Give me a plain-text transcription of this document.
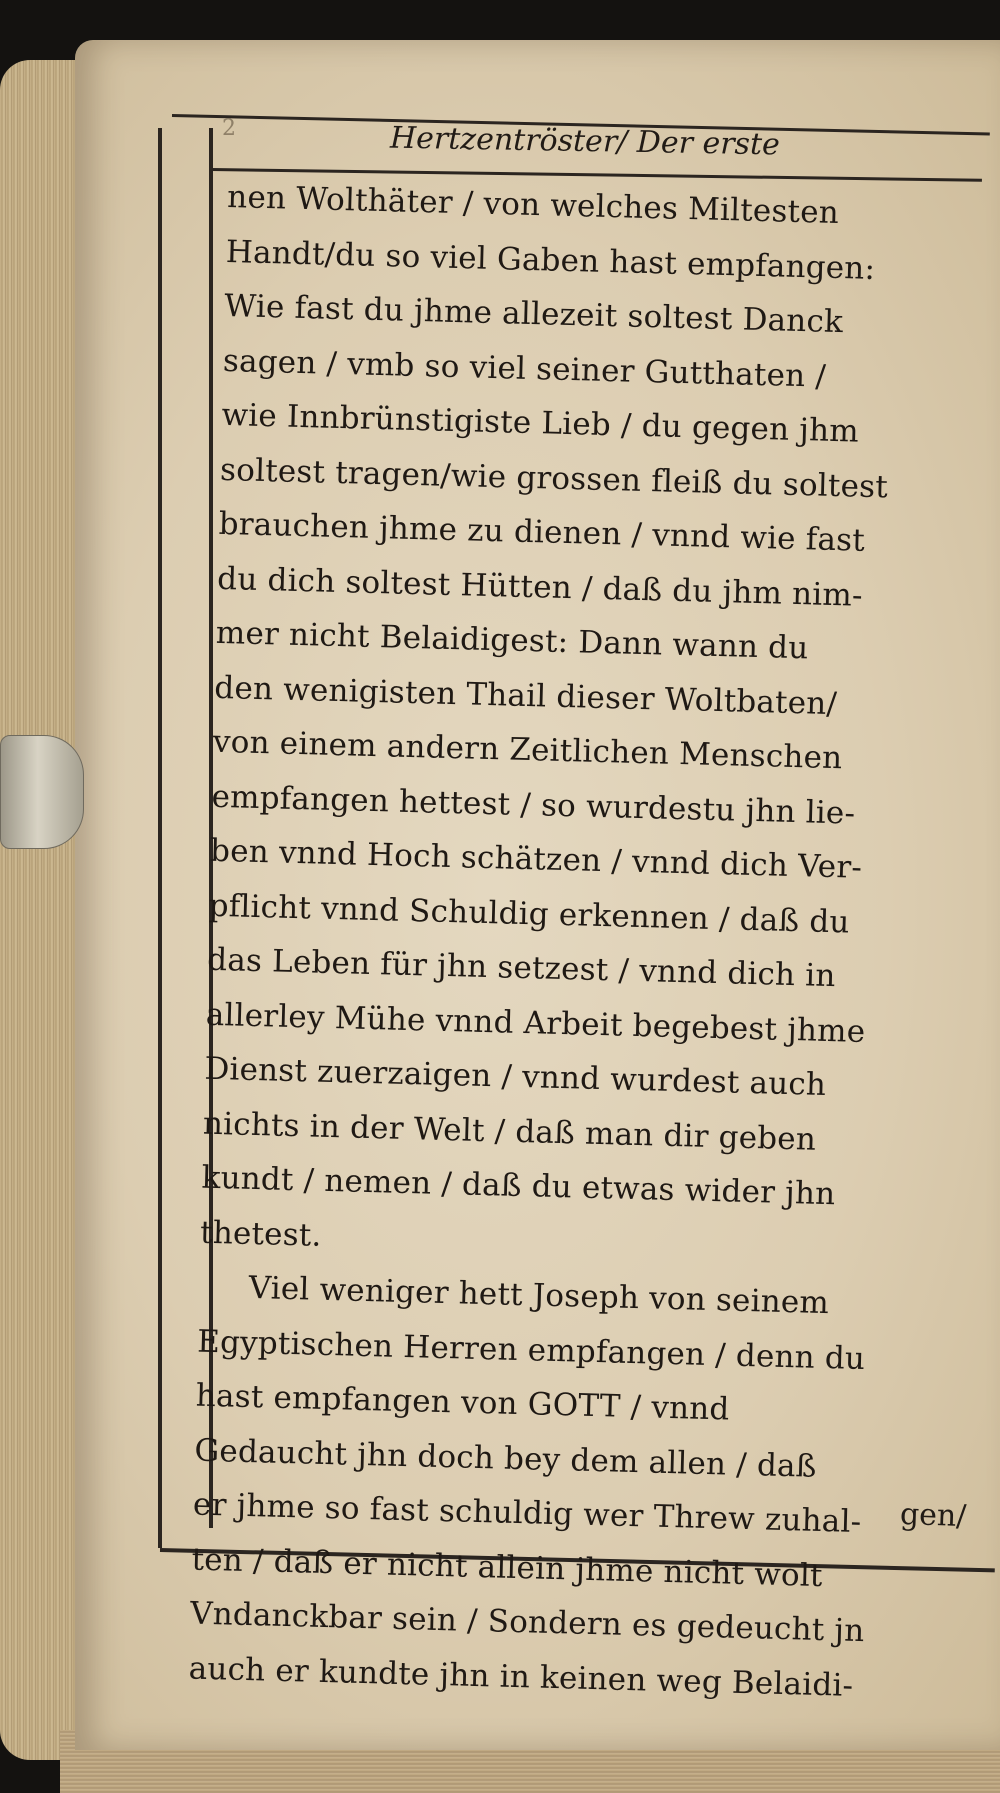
2	Hertzentröster/ Der erste
nen Wolthäter / von welches Miltesten
Handt/du so viel Gaben hast empfangen:
Wie fast du jhme allezeit soltest Danck
sagen / vmb so viel seiner Gutthaten /
wie Innbrünstigiste Lieb / du gegen jhm
soltest tragen/wie grossen fleiß du soltest
brauchen jhme zu dienen / vnnd wie fast
du dich soltest Hütten / daß du jhm nim-
mer nicht Belaidigest: Dann wann du
den wenigisten Thail dieser Woltbaten/
von einem andern Zeitlichen Menschen
empfangen hettest / so wurdestu jhn lie-
ben vnnd Hoch schätzen / vnnd dich Ver-
pflicht vnnd Schuldig erkennen / daß du
das Leben für jhn setzest / vnnd dich in
allerley Mühe vnnd Arbeit begebest jhme
Dienst zuerzaigen / vnnd wurdest auch
nichts in der Welt / daß man dir geben
kundt / nemen / daß du etwas wider jhn
thetest.
Viel weniger hett Joseph von seinem
Egyptischen Herren empfangen / denn du
hast empfangen von GOTT / vnnd
Gedaucht jhn doch bey dem allen / daß
er jhme so fast schuldig wer Threw zuhal-
ten / daß er nicht allein jhme nicht wolt
Vndanckbar sein / Sondern es gedeucht jn
auch er kundte jhn in keinen weg Belaidi-
gen/
